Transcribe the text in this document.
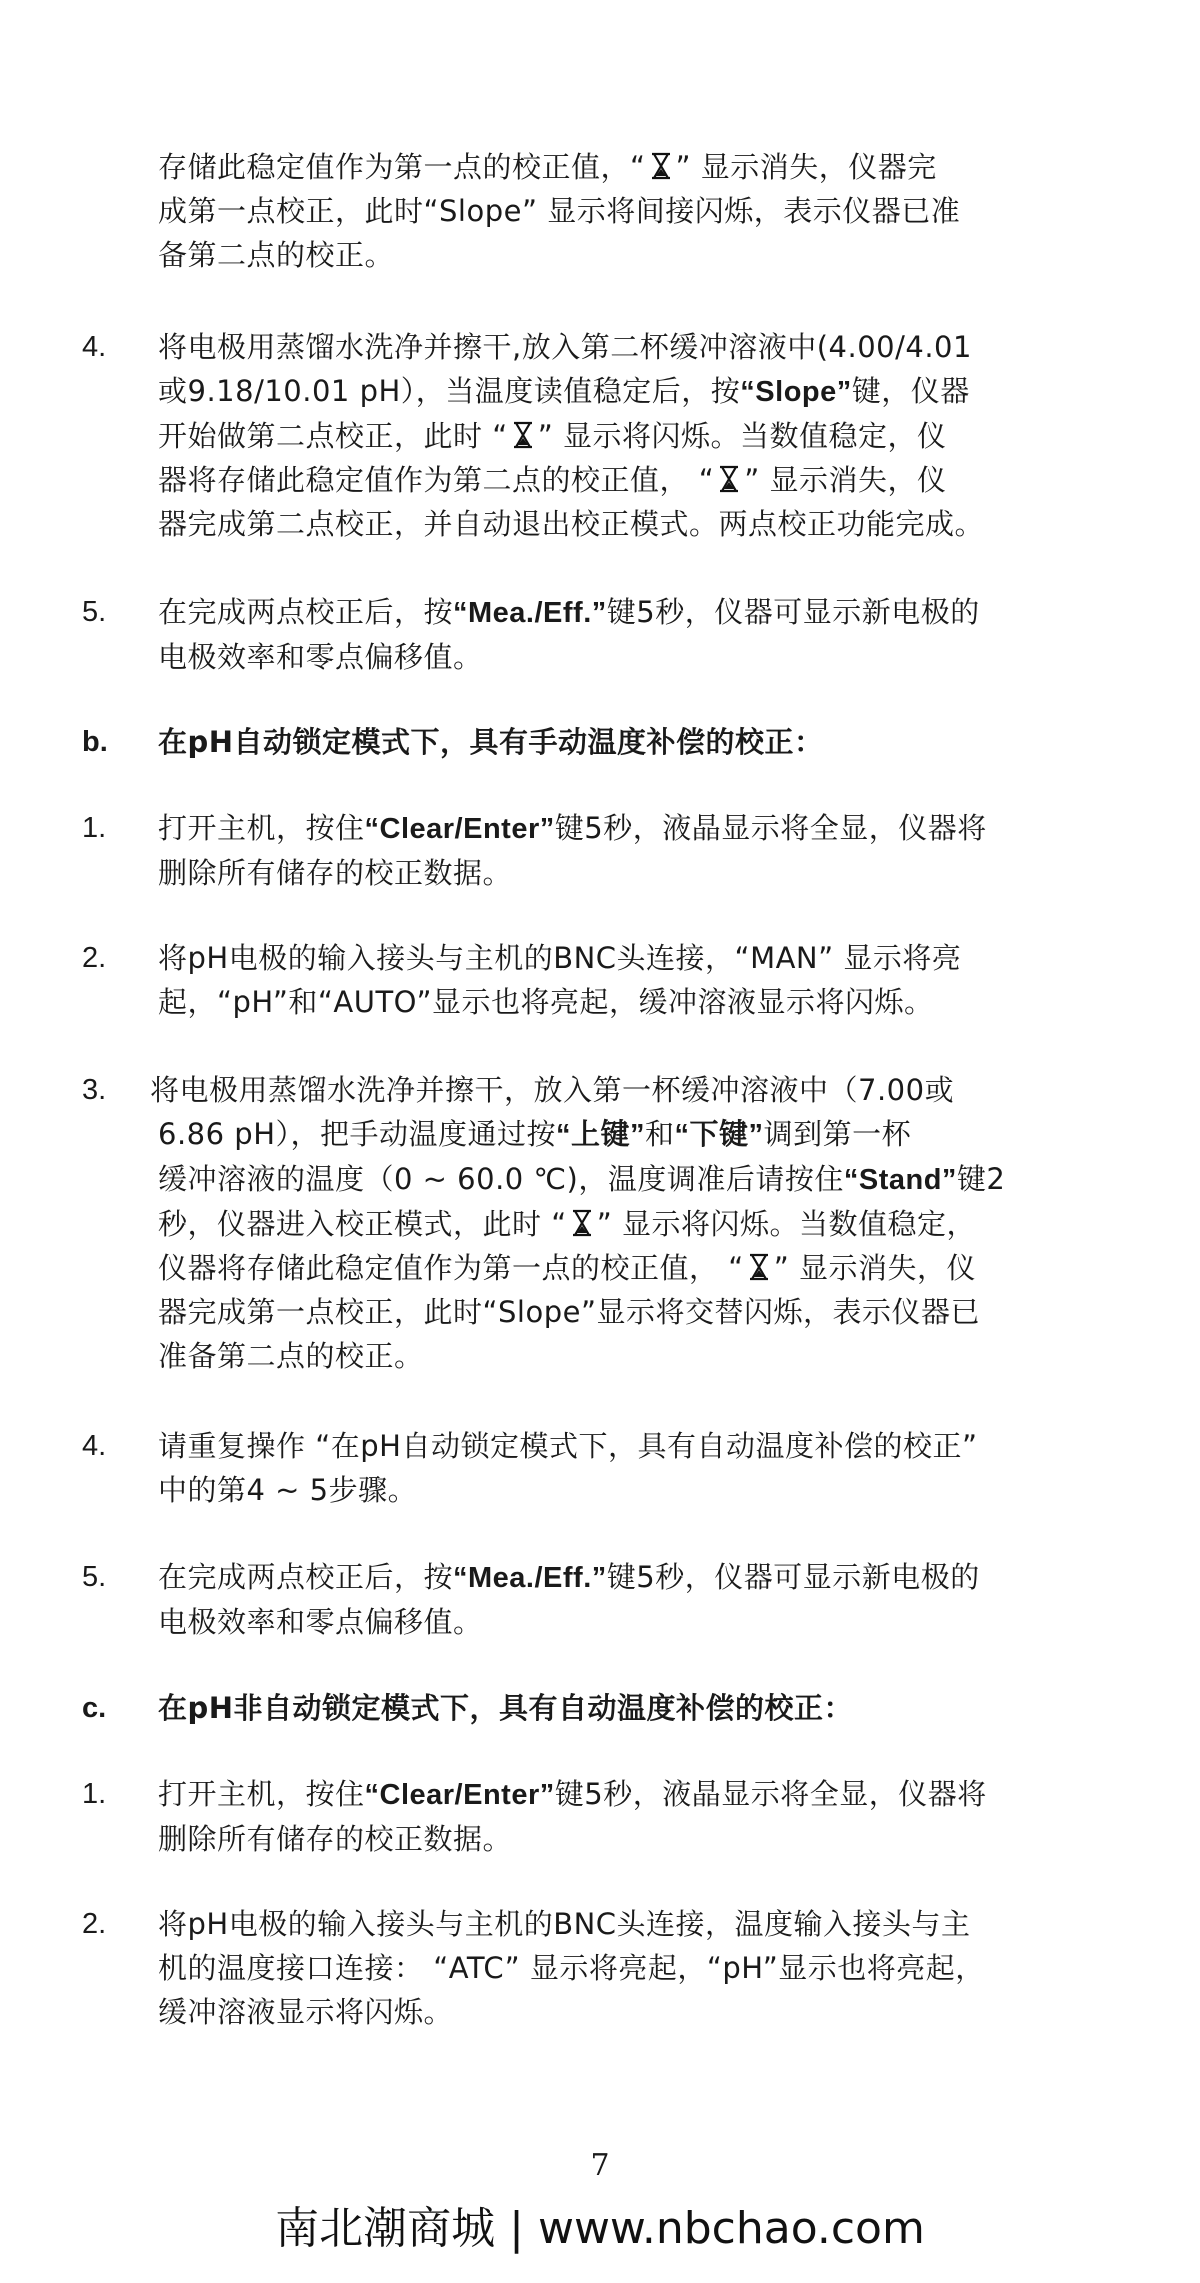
存储此稳定值作为第一点的校正值，“ ” 显示消失，仪器完
成第一点校正，此时“Slope” 显示将间接闪烁，表示仪器已准
备第二点的校正。
4.	将电极用蒸馏水洗净并擦干,放入第二杯缓冲溶液中(4.00/4.01
或9.18/10.01 pH），当温度读值稳定后，按“Slope”键，仪器
开始做第二点校正，此时 “ ” 显示将闪烁。当数值稳定，仪
器将存储此稳定值作为第二点的校正值， “ ” 显示消失，仪
器完成第二点校正，并自动退出校正模式。两点校正功能完成。
5.	在完成两点校正后，按“Mea./Eff.”键5秒，仪器可显示新电极的
电极效率和零点偏移值。
b.	在pH自动锁定模式下，具有手动温度补偿的校正：
1.	打开主机，按住“Clear/Enter”键5秒，液晶显示将全显，仪器将
删除所有储存的校正数据。
2.	将pH电极的输入接头与主机的BNC头连接，“MAN” 显示将亮
起，“pH”和“AUTO”显示也将亮起，缓冲溶液显示将闪烁。
3.	将电极用蒸馏水洗净并擦干，放入第一杯缓冲溶液中（7.00或
6.86 pH），把手动温度通过按“上键”和“下键”调到第一杯
缓冲溶液的温度（0 ~ 60.0 ℃)，温度调准后请按住“Stand”键2
秒，仪器进入校正模式，此时 “ ” 显示将闪烁。当数值稳定，
仪器将存储此稳定值作为第一点的校正值， “ ” 显示消失，仪
器完成第一点校正，此时“Slope”显示将交替闪烁，表示仪器已
准备第二点的校正。
4.	请重复操作 “在pH自动锁定模式下，具有自动温度补偿的校正”
中的第4 ~ 5步骤。
5.	在完成两点校正后，按“Mea./Eff.”键5秒，仪器可显示新电极的
电极效率和零点偏移值。
c.	在pH非自动锁定模式下，具有自动温度补偿的校正：
1.	打开主机，按住“Clear/Enter”键5秒，液晶显示将全显，仪器将
删除所有储存的校正数据。
2.	将pH电极的输入接头与主机的BNC头连接，温度输入接头与主
机的温度接口连接： “ATC” 显示将亮起，“pH”显示也将亮起，
缓冲溶液显示将闪烁。
7
南北潮商城 | www.nbchao.com
